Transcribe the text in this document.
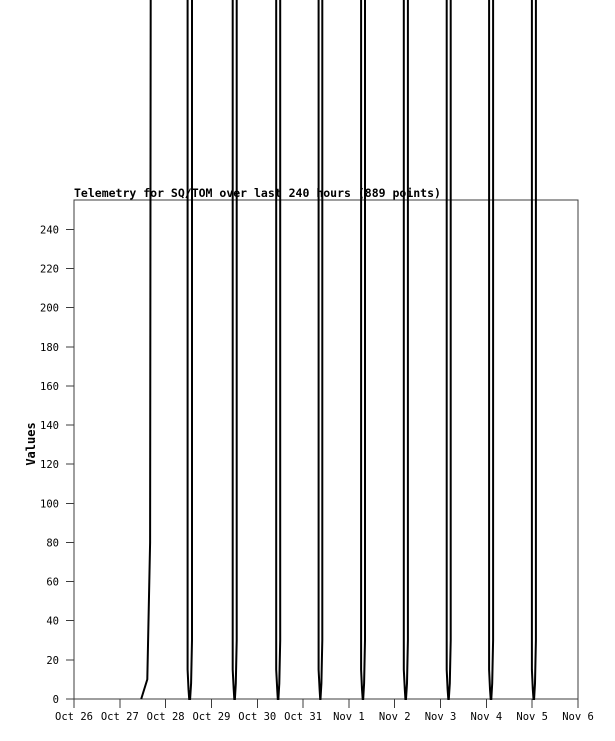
Telemetry for SQ/TOM over last 240 hours (889 points)
Values
Oct 26 Oct 27 Oct 28 Oct 29 Oct 30 Oct 31 Nov 1 Nov 2 Nov 3 Nov 4 Nov 5 Nov 6
0
20
40
60
80
100
120
140
160
180
200
220
240
